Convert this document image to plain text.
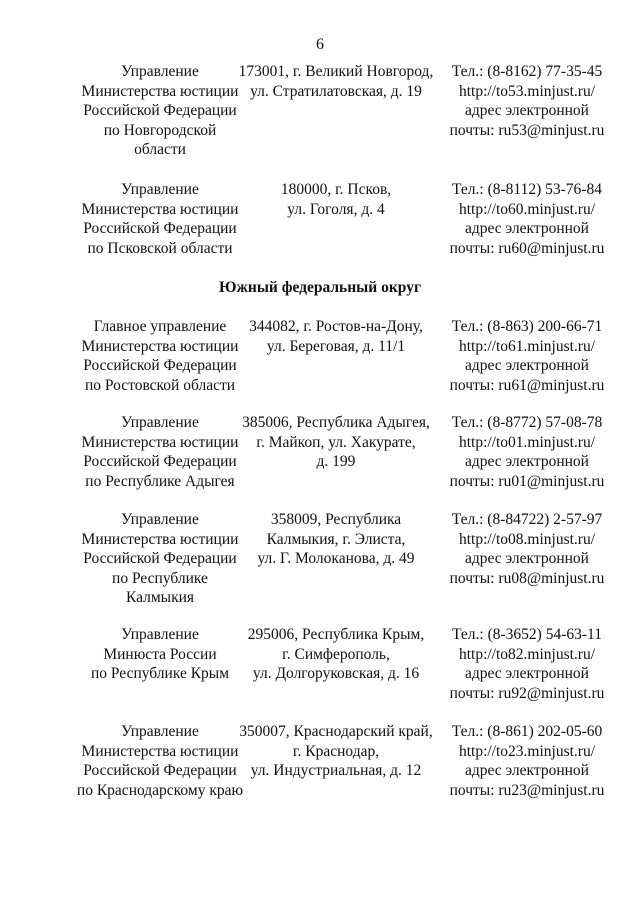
6
Управление
Министерства юстиции
Российской Федерации
по Новгородской
области
173001, г. Великий Новгород,
ул. Стратилатовская, д. 19
Тел.: (8-8162) 77-35-45
http://to53.minjust.ru/
адрес электронной
почты: ru53@minjust.ru
Управление
Министерства юстиции
Российской Федерации
по Псковской области
180000, г. Псков,
ул. Гоголя, д. 4
Тел.: (8-8112) 53-76-84
http://to60.minjust.ru/
адрес электронной
почты: ru60@minjust.ru
Южный федеральный округ
Главное управление
Министерства юстиции
Российской Федерации
по Ростовской области
344082, г. Ростов-на-Дону,
ул. Береговая, д. 11/1
Тел.: (8-863) 200-66-71
http://to61.minjust.ru/
адрес электронной
почты: ru61@minjust.ru
Управление
Министерства юстиции
Российской Федерации
по Республике Адыгея
385006, Республика Адыгея,
г. Майкоп, ул. Хакурате,
д. 199
Тел.: (8-8772) 57-08-78
http://to01.minjust.ru/
адрес электронной
почты: ru01@minjust.ru
Управление
Министерства юстиции
Российской Федерации
по Республике
Калмыкия
358009, Республика
Калмыкия, г. Элиста,
ул. Г. Молоканова, д. 49
Тел.: (8-84722) 2-57-97
http://to08.minjust.ru/
адрес электронной
почты: ru08@minjust.ru
Управление
Минюста России
по Республике Крым
295006, Республика Крым,
г. Симферополь,
ул. Долгоруковская, д. 16
Тел.: (8-3652) 54-63-11
http://to82.minjust.ru/
адрес электронной
почты: ru92@minjust.ru
Управление
Министерства юстиции
Российской Федерации
по Краснодарскому краю
350007, Краснодарский край,
г. Краснодар,
ул. Индустриальная, д. 12
Тел.: (8-861) 202-05-60
http://to23.minjust.ru/
адрес электронной
почты: ru23@minjust.ru
